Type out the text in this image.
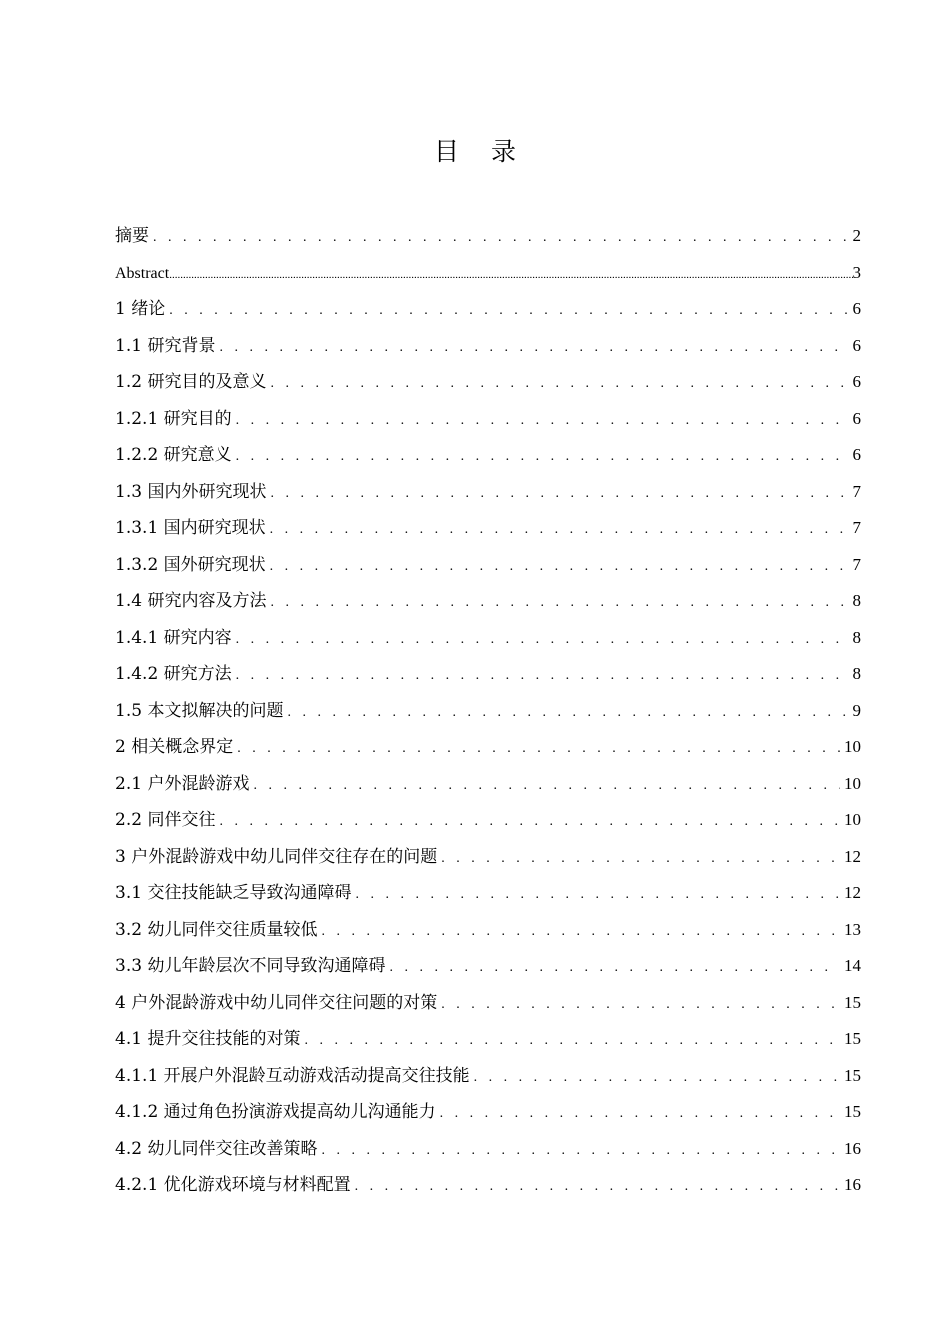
目 录
摘要 . . .	2
Abstract .....	3
1 绪论 . . .	6
1.1 研究背景 . . .	6
1.2 研究目的及意义 . . .	6
1.2.1 研究目的 . . .	6
1.2.2 研究意义 . . .	6
1.3 国内外研究现状 . . .	7
1.3.1 国内研究现状 . . .	7
1.3.2 国外研究现状 . . .	7
1.4 研究内容及方法 . . .	8
1.4.1 研究内容 . . .	8
1.4.2 研究方法 . . .	8
1.5 本文拟解决的问题 . . .	9
2 相关概念界定 . . .	10
2.1 户外混龄游戏 . . .	10
2.2 同伴交往 . . .	10
3 户外混龄游戏中幼儿同伴交往存在的问题 . . .	12
3.1 交往技能缺乏导致沟通障碍 . . .	12
3.2 幼儿同伴交往质量较低 . . .	13
3.3 幼儿年龄层次不同导致沟通障碍 . . .	14
4 户外混龄游戏中幼儿同伴交往问题的对策 . . .	15
4.1 提升交往技能的对策 . . .	15
4.1.1 开展户外混龄互动游戏活动提高交往技能 . . .	15
4.1.2 通过角色扮演游戏提高幼儿沟通能力 . . .	15
4.2 幼儿同伴交往改善策略 . . .	16
4.2.1 优化游戏环境与材料配置 . . .	16
